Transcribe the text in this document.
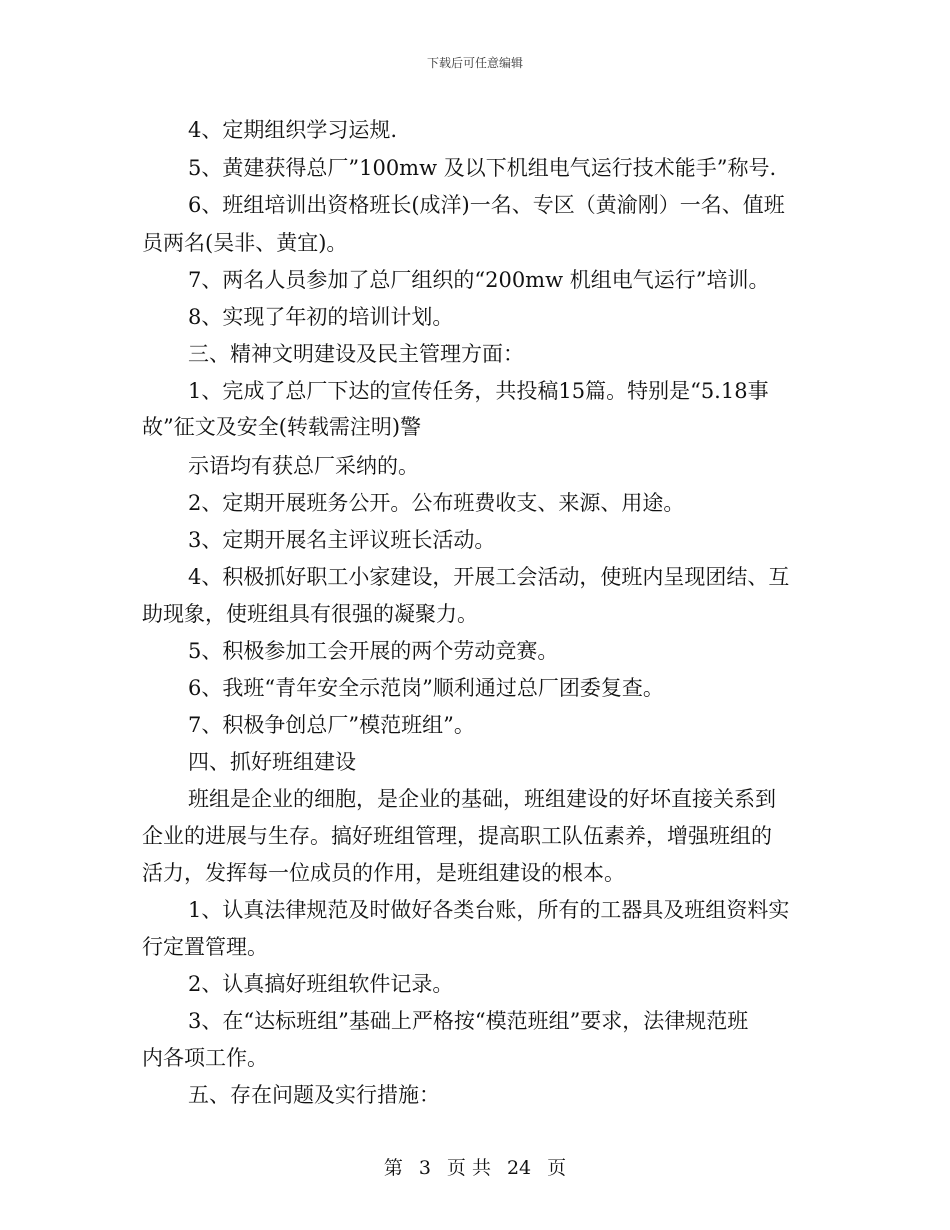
下载后可任意编辑
4、定期组织学习运规.
5、黄建获得总厂”100mw 及以下机组电气运行技术能手”称号.
6、班组培训出资格班长(成洋)一名、专区（黄渝刚）一名、值班
员两名(吴非、黄宜)。
7、两名人员参加了总厂组织的“200mw 机组电气运行”培训。
8、实现了年初的培训计划。
三、精神文明建设及民主管理方面：
1、完成了总厂下达的宣传任务，共投稿15篇。特别是“5.18事
故”征文及安全(转载需注明)警
示语均有获总厂采纳的。
2、定期开展班务公开。公布班费收支、来源、用途。
3、定期开展名主评议班长活动。
4、积极抓好职工小家建设，开展工会活动，使班内呈现团结、互
助现象，使班组具有很强的凝聚力。
5、积极参加工会开展的两个劳动竞赛。
6、我班“青年安全示范岗”顺利通过总厂团委复查。
7、积极争创总厂”模范班组”。
四、抓好班组建设
班组是企业的细胞，是企业的基础，班组建设的好坏直接关系到
企业的进展与生存。搞好班组管理，提高职工队伍素养，增强班组的
活力，发挥每一位成员的作用，是班组建设的根本。
1、认真法律规范及时做好各类台账，所有的工器具及班组资料实
行定置管理。
2、认真搞好班组软件记录。
3、在“达标班组”基础上严格按“模范班组”要求，法律规范班
内各项工作。
五、存在问题及实行措施：
第 3 页 共 24 页
